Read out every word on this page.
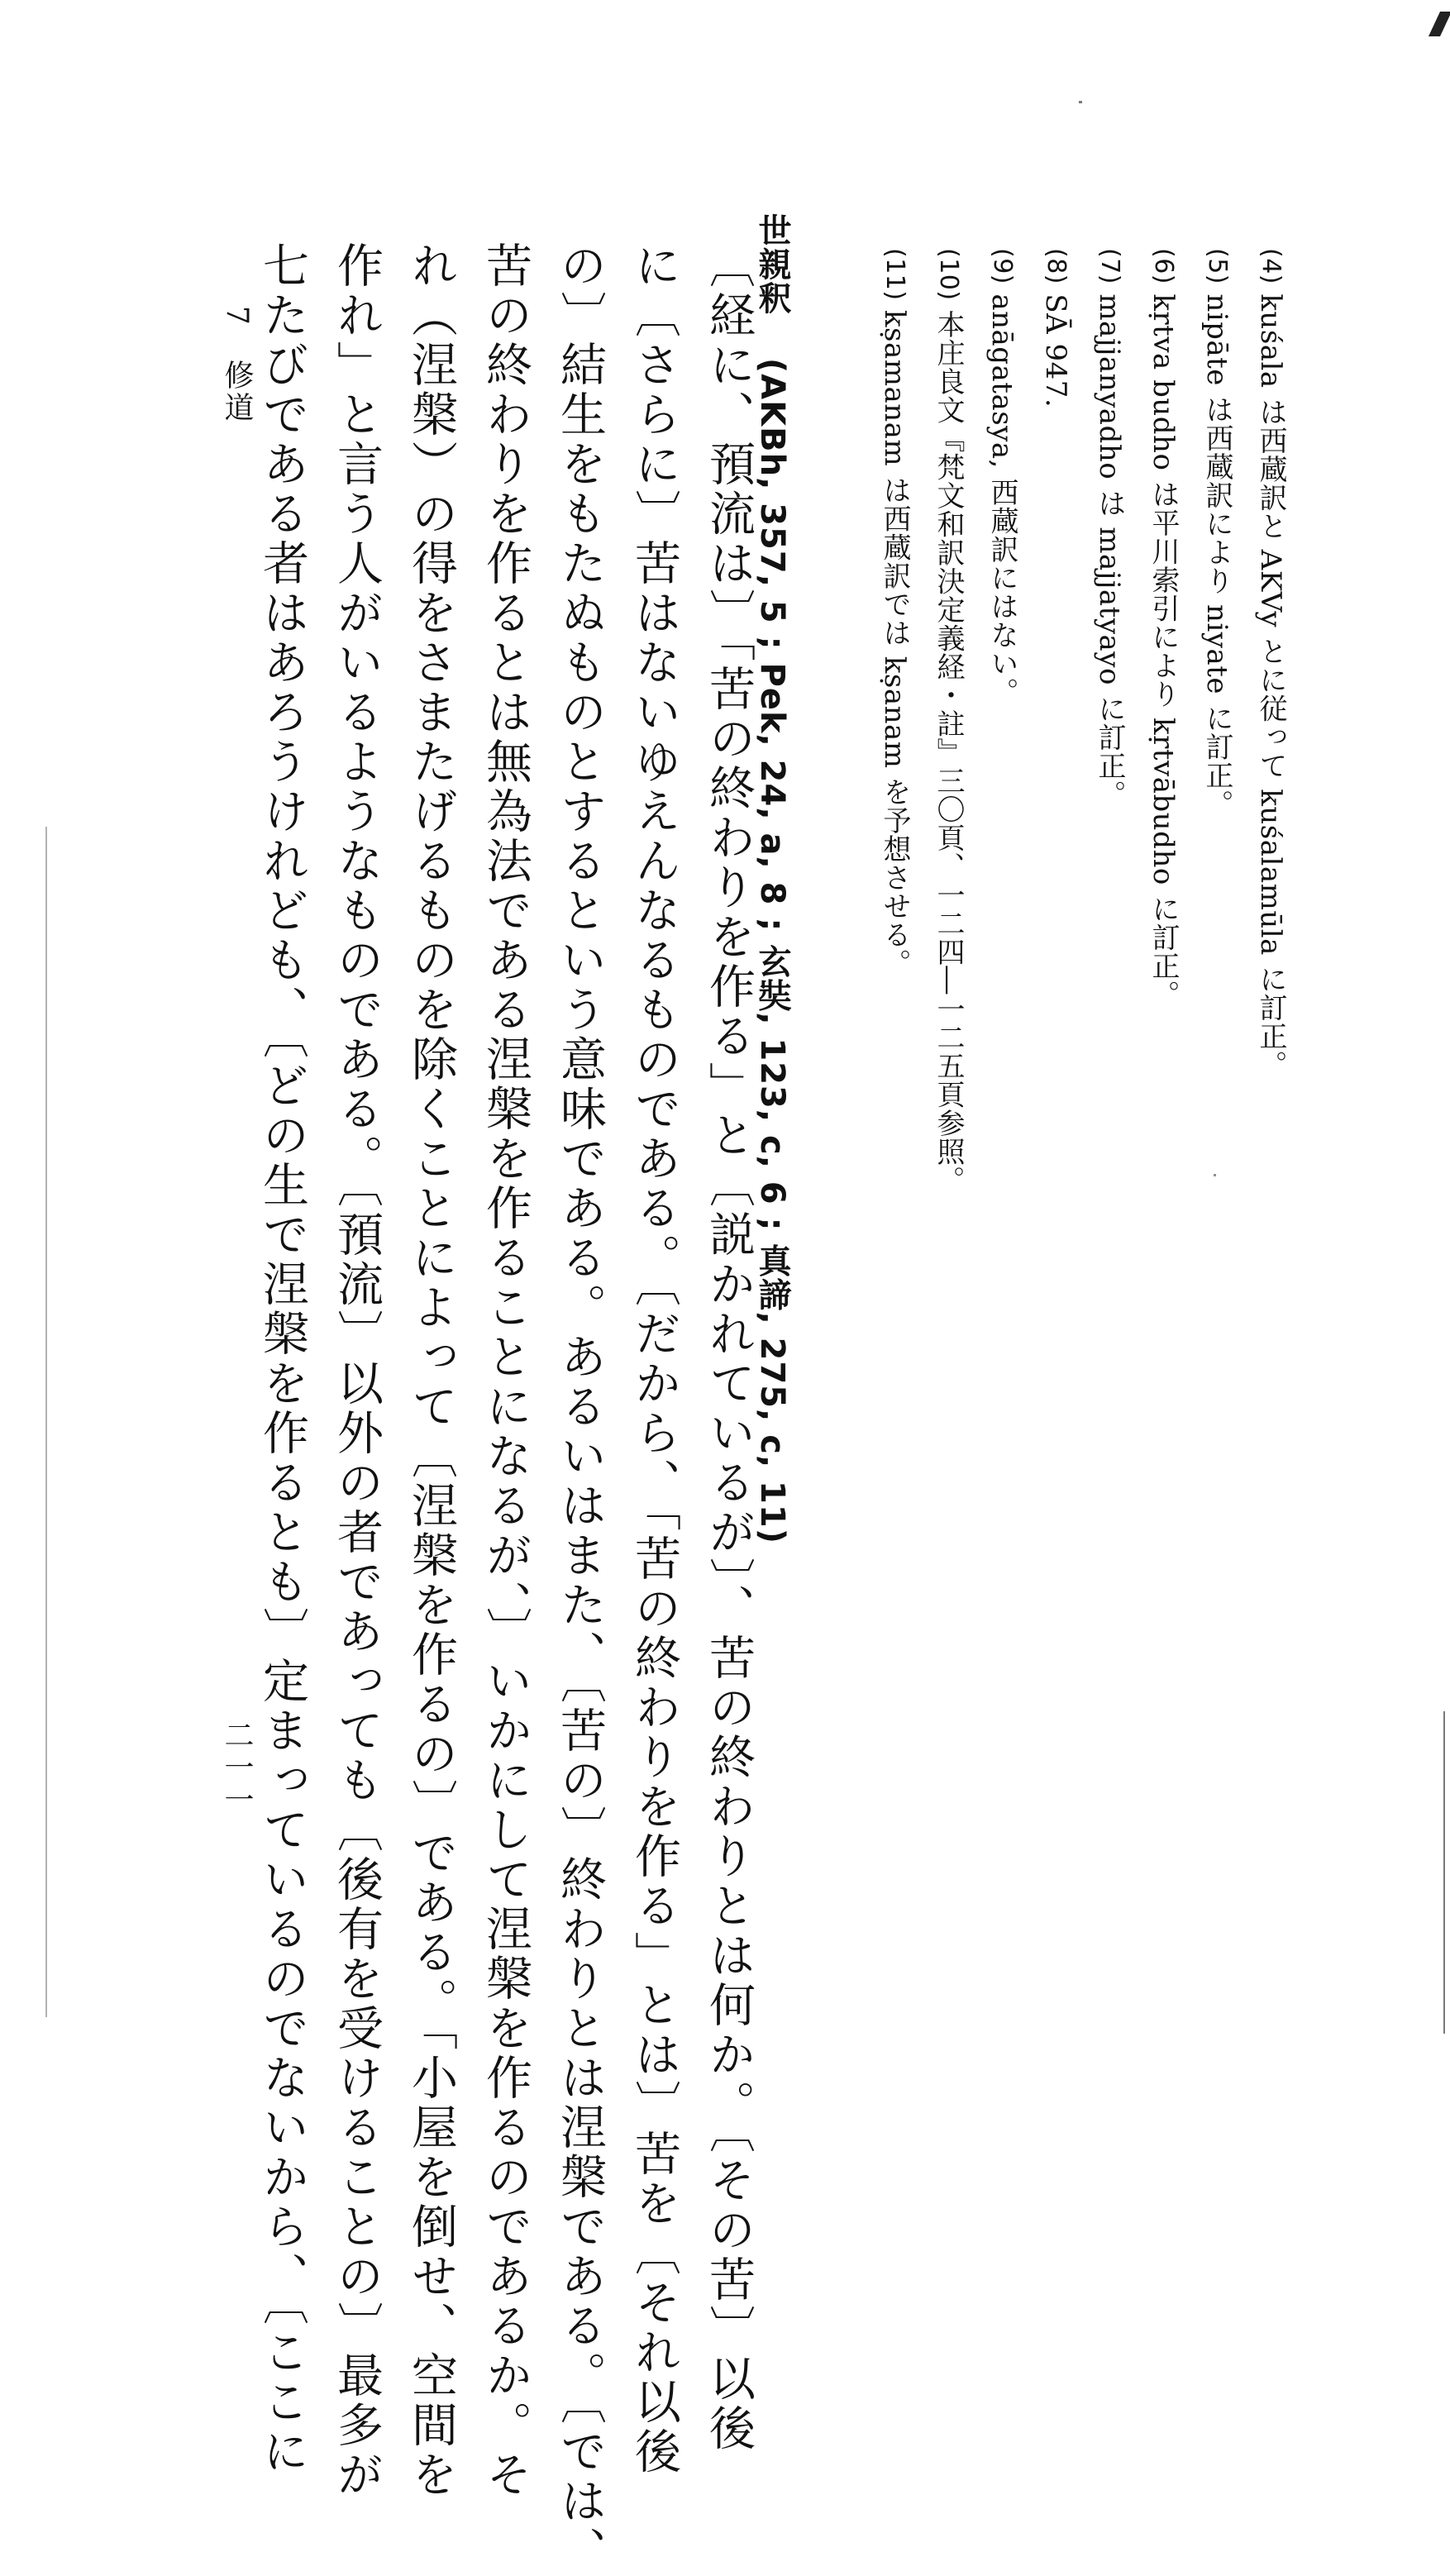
(4) kuśala は西蔵訳と AKVy とに従って kuśalamūla に訂正。
(5) nipāte は西蔵訳により niyate に訂正。
(6) kṛtva budho は平川索引により kṛtvābudho に訂正。
(7) majjanyadho は majjatyayo に訂正。
(8) SĀ 947.
(9) anāgatasya, 西蔵訳にはない。
(10) 本庄良文『梵文和訳決定義経・註』三〇頁、一二四―一二五頁参照。
(11) kṣamanam は西蔵訳では kṣanam を予想させる。
世親釈  (AKBh, 357, 5 ; Pek, 24, a, 8 ; 玄奘, 123, c, 6 ; 真諦, 275, c, 11)
〔経に、預流は〕「苦の終わりを作る」と〔説かれているが〕、苦の終わりとは何か。〔その苦〕以後
に〔さらに〕苦はないゆえんなるものである。〔だから、「苦の終わりを作る」とは〕苦を〔それ以後
の〕結生をもたぬものとするという意味である。あるいはまた、〔苦の〕終わりとは涅槃である。〔では、
苦の終わりを作るとは無為法である涅槃を作ることになるが、〕いかにして涅槃を作るのであるか。そ
れ（涅槃）の得をさまたげるものを除くことによって〔涅槃を作るの〕である。「小屋を倒せ、空間を
作れ」と言う人がいるようなものである。〔預流〕以外の者であっても〔後有を受けることの〕最多が
七たびである者はあろうけれども、〔どの生で涅槃を作るとも〕定まっているのでないから、〔ここに
7　修道
二一一
